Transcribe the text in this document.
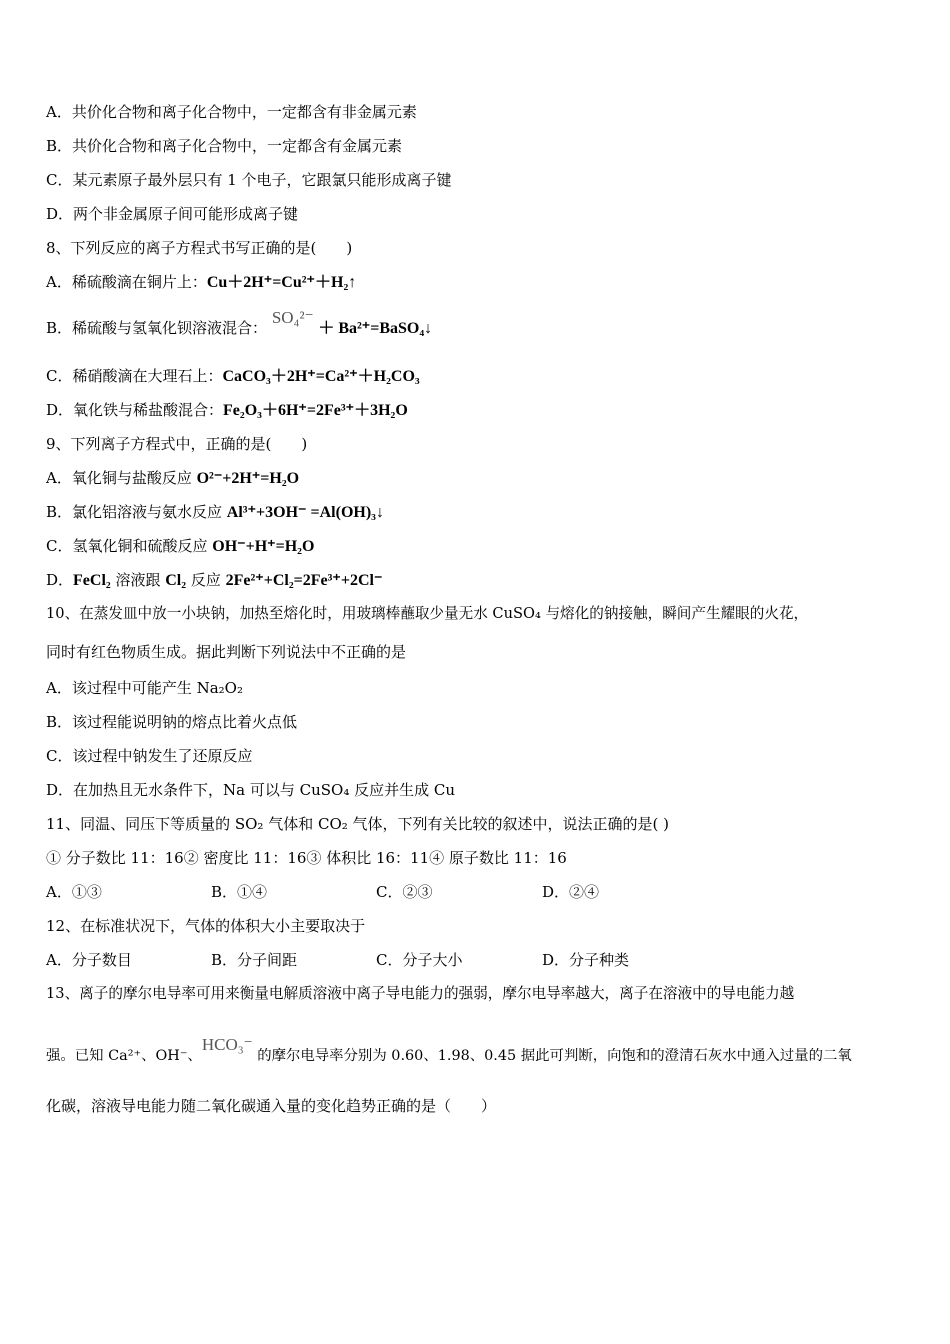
A．共价化合物和离子化合物中，一定都含有非金属元素
B．共价化合物和离子化合物中，一定都含有金属元素
C．某元素原子最外层只有 1 个电子，它跟氯只能形成离子键
D．两个非金属原子间可能形成离子键
8、下列反应的离子方程式书写正确的是(　　)
A．稀硫酸滴在铜片上：Cu＋2H⁺=Cu²⁺＋H₂↑
B．稀硫酸与氢氧化钡溶液混合： SO₄²⁻ ＋ Ba²⁺=BaSO₄↓
C．稀硝酸滴在大理石上：CaCO₃＋2H⁺=Ca²⁺＋H₂CO₃
D．氧化铁与稀盐酸混合：Fe₂O₃＋6H⁺=2Fe³⁺＋3H₂O
9、下列离子方程式中，正确的是(　　)
A．氧化铜与盐酸反应 O²⁻+2H⁺=H₂O
B．氯化铝溶液与氨水反应 Al³⁺+3OH⁻ =Al(OH)₃↓
C．氢氧化铜和硫酸反应 OH⁻+H⁺=H₂O
D．FeCl₂ 溶液跟 Cl₂ 反应 2Fe²⁺+Cl₂=2Fe³⁺+2Cl⁻
10、在蒸发皿中放一小块钠，加热至熔化时，用玻璃棒蘸取少量无水 CuSO₄ 与熔化的钠接触，瞬间产生耀眼的火花，
同时有红色物质生成。据此判断下列说法中不正确的是
A．该过程中可能产生 Na₂O₂
B．该过程能说明钠的熔点比着火点低
C．该过程中钠发生了还原反应
D．在加热且无水条件下，Na 可以与 CuSO₄ 反应并生成 Cu
11、同温、同压下等质量的 SO₂ 气体和 CO₂ 气体，下列有关比较的叙述中，说法正确的是( )
① 分子数比 11：16② 密度比 11：16③ 体积比 16：11④ 原子数比 11：16
A．①③	B．①④	C．②③	D．②④
12、在标准状况下，气体的体积大小主要取决于
A．分子数目	B．分子间距	C．分子大小	D．分子种类
13、离子的摩尔电导率可用来衡量电解质溶液中离子导电能力的强弱，摩尔电导率越大，离子在溶液中的导电能力越
强。已知 Ca²⁺、OH⁻、HCO₃⁻ 的摩尔电导率分别为 0.60、1.98、0.45 据此可判断，向饱和的澄清石灰水中通入过量的二氧
化碳，溶液导电能力随二氧化碳通入量的变化趋势正确的是（　　）
